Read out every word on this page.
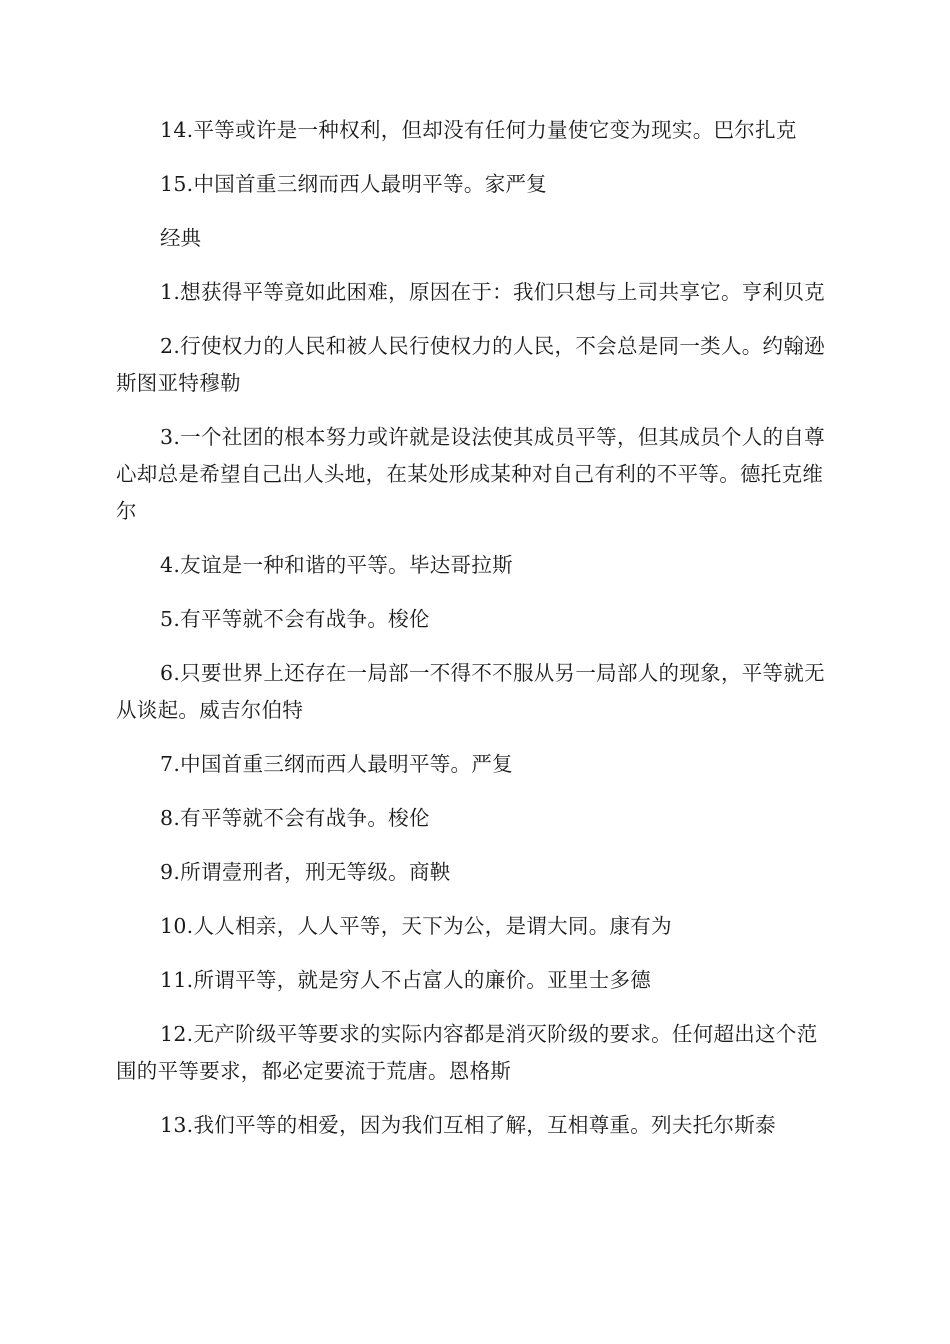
14.平等或许是一种权利，但却没有任何力量使它变为现实。巴尔扎克

15.中国首重三纲而西人最明平等。家严复

经典

1.想获得平等竟如此困难，原因在于：我们只想与上司共享它。亨利贝克

2.行使权力的人民和被人民行使权力的人民，不会总是同一类人。约翰逊斯图亚特穆勒

3.一个社团的根本努力或许就是设法使其成员平等，但其成员个人的自尊心却总是希望自己出人头地，在某处形成某种对自己有利的不平等。德托克维尔

4.友谊是一种和谐的平等。毕达哥拉斯

5.有平等就不会有战争。梭伦

6.只要世界上还存在一局部一不得不不服从另一局部人的现象，平等就无从谈起。威吉尔伯特

7.中国首重三纲而西人最明平等。严复

8.有平等就不会有战争。梭伦

9.所谓壹刑者，刑无等级。商鞅

10.人人相亲，人人平等，天下为公，是谓大同。康有为

11.所谓平等，就是穷人不占富人的廉价。亚里士多德

12.无产阶级平等要求的实际内容都是消灭阶级的要求。任何超出这个范围的平等要求，都必定要流于荒唐。恩格斯

13.我们平等的相爱，因为我们互相了解，互相尊重。列夫托尔斯泰
